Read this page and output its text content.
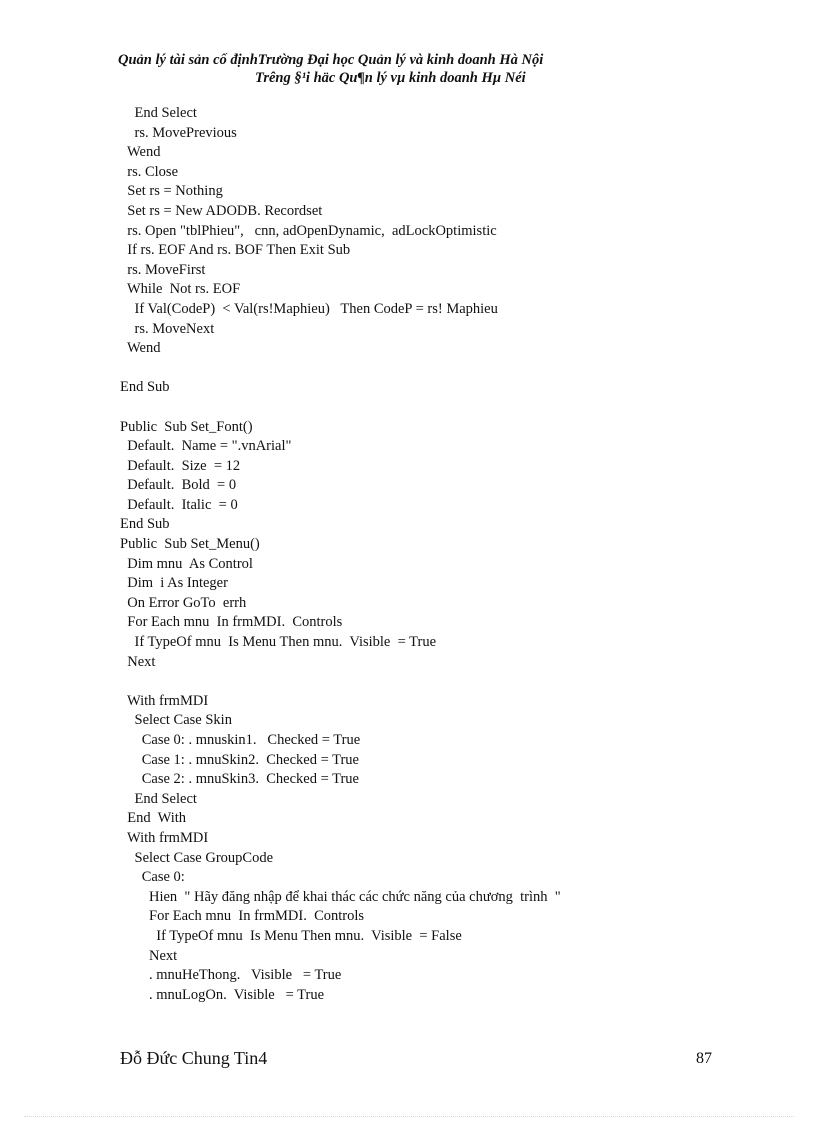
Quản lý tài sản cố địnhTrường Đại học Quản lý và kinh doanh Hà Nội
Trêng §¹i häc Qu¶n lý vµ kinh doanh Hµ Néi
End Select
rs. MovePrevious
Wend
rs. Close
Set rs = Nothing
Set rs = New ADODB. Recordset
rs. Open "tblPhieu",   cnn, adOpenDynamic,  adLockOptimistic
If rs. EOF And rs. BOF Then Exit Sub
rs. MoveFirst
While  Not rs. EOF
If Val(CodeP)  < Val(rs!Maphieu)   Then CodeP = rs! Maphieu
rs. MoveNext
Wend
End Sub
Public  Sub Set_Font()
Default.  Name = ".vnArial"
Default.  Size  = 12
Default.  Bold  = 0
Default.  Italic  = 0
End Sub
Public  Sub Set_Menu()
Dim mnu  As Control
Dim  i As Integer
On Error GoTo  errh
For Each mnu  In frmMDI.  Controls
If TypeOf mnu  Is Menu Then mnu.  Visible  = True
Next
With frmMDI
Select Case Skin
Case 0: . mnuskin1.   Checked = True
Case 1: . mnuSkin2.  Checked = True
Case 2: . mnuSkin3.  Checked = True
End Select
End  With
With frmMDI
Select Case GroupCode
Case 0:
Hien  " Hãy đăng nhập để khai thác các chức năng của chương  trình  "
For Each mnu  In frmMDI.  Controls
If TypeOf mnu  Is Menu Then mnu.  Visible  = False
Next
. mnuHeThong.   Visible   = True
. mnuLogOn.  Visible   = True
Đỗ Đức Chung Tin4	87
